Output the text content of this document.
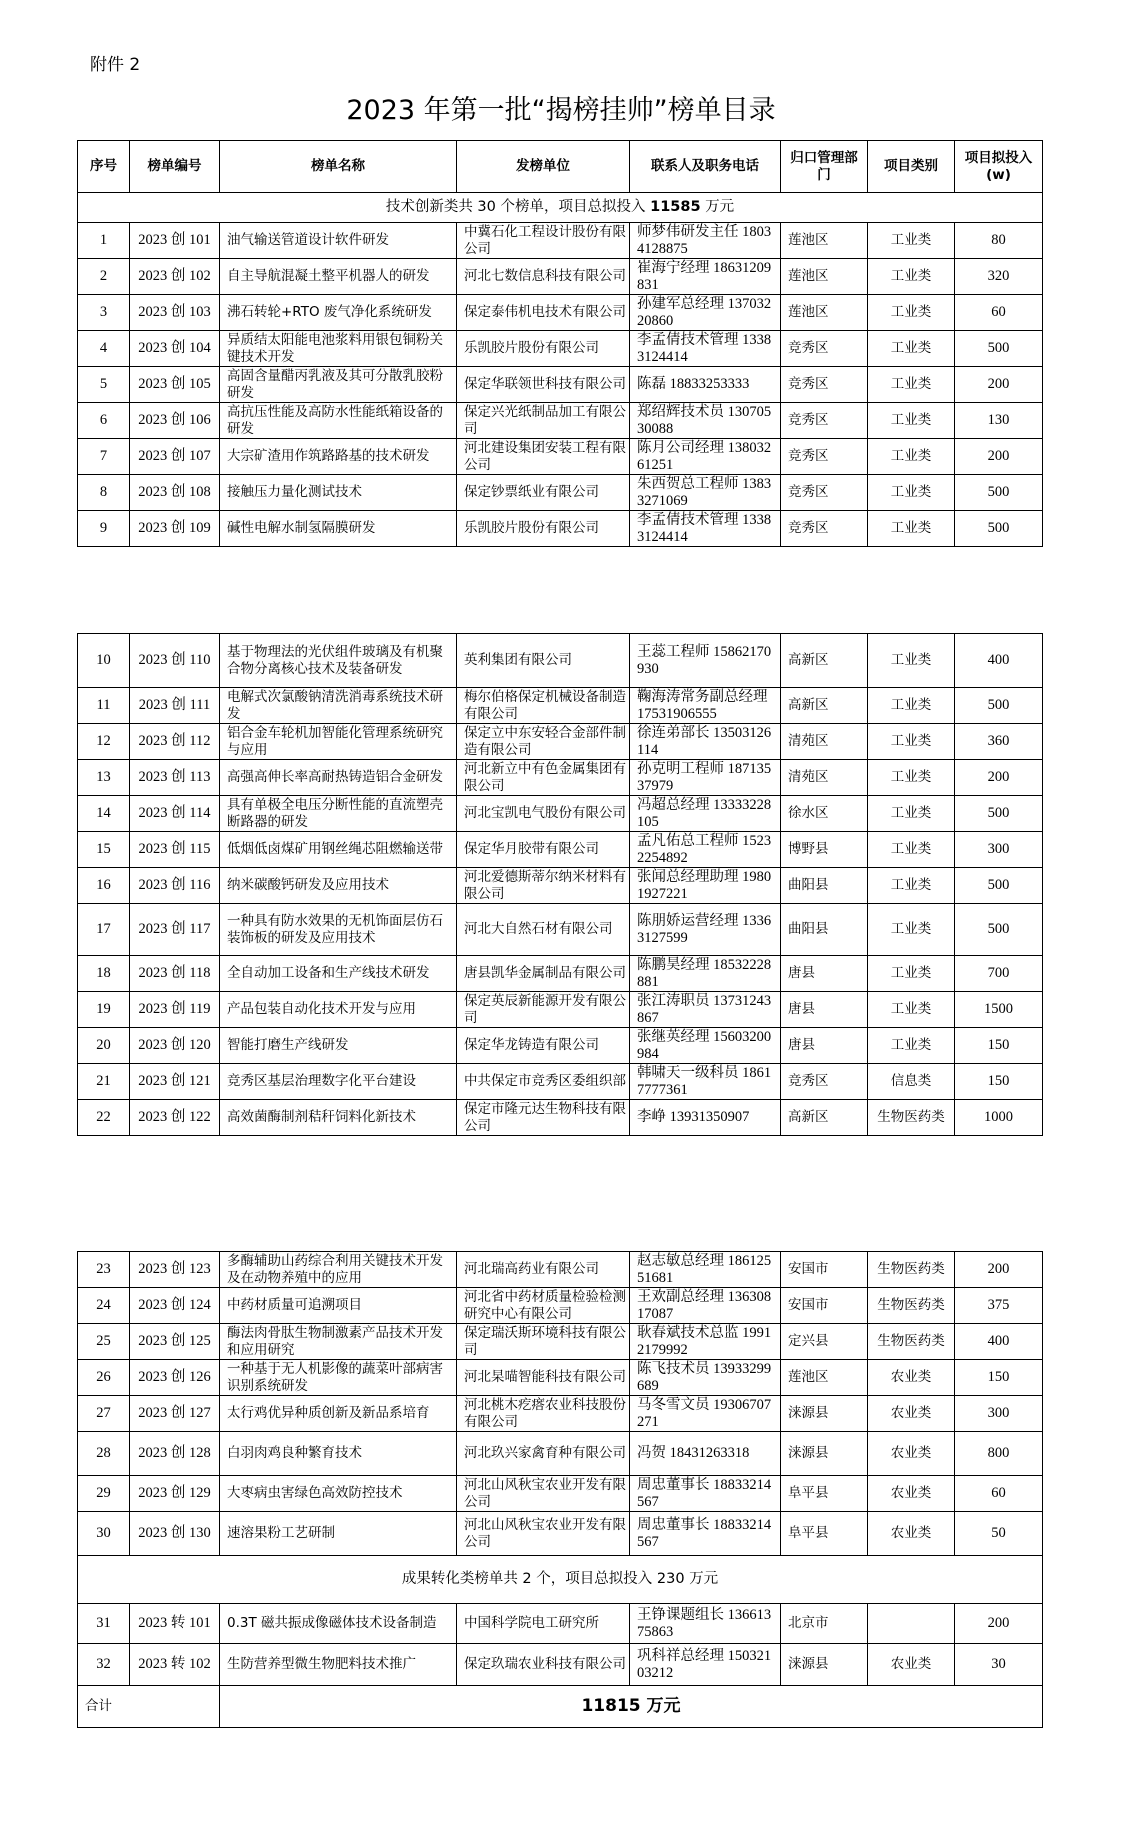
附件 2
2023 年第一批“揭榜挂帅”榜单目录
序号	榜单编号	榜单名称	发榜单位	联系人及职务电话	归口管理部门	项目类别	项目拟投入(w)
技术创新类共 30 个榜单，项目总拟投入 11585 万元							
1	2023 创 101	油气输送管道设计软件研发	中冀石化工程设计股份有限公司	师梦伟研发主任 18034128875	莲池区	工业类	80
2	2023 创 102	自主导航混凝土整平机器人的研发	河北七数信息科技有限公司	崔海宁经理 18631209831	莲池区	工业类	320
3	2023 创 103	沸石转轮+RTO 废气净化系统研发	保定泰伟机电技术有限公司	孙建军总经理 13703220860	莲池区	工业类	60
4	2023 创 104	异质结太阳能电池浆料用银包铜粉关键技术开发	乐凯胶片股份有限公司	李孟倩技术管理 13383124414	竞秀区	工业类	500
5	2023 创 105	高固含量醋丙乳液及其可分散乳胶粉研发	保定华联领世科技有限公司	陈磊 18833253333	竞秀区	工业类	200
6	2023 创 106	高抗压性能及高防水性能纸箱设备的研发	保定兴光纸制品加工有限公司	郑绍辉技术员 13070530088	竞秀区	工业类	130
7	2023 创 107	大宗矿渣用作筑路路基的技术研发	河北建设集团安装工程有限公司	陈月公司经理 13803261251	竞秀区	工业类	200
8	2023 创 108	接触压力量化测试技术	保定钞票纸业有限公司	朱西贺总工程师 13833271069	竞秀区	工业类	500
9	2023 创 109	碱性电解水制氢隔膜研发	乐凯胶片股份有限公司	李孟倩技术管理 13383124414	竞秀区	工业类	500
10	2023 创 110	基于物理法的光伏组件玻璃及有机聚合物分离核心技术及装备研发	英利集团有限公司	王蕊工程师 15862170930	高新区	工业类	400
11	2023 创 111	电解式次氯酸钠清洗消毒系统技术研发	梅尔伯格保定机械设备制造有限公司	鞠海涛常务副总经理 17531906555	高新区	工业类	500
12	2023 创 112	铝合金车轮机加智能化管理系统研究与应用	保定立中东安轻合金部件制造有限公司	徐连弟部长 13503126114	清苑区	工业类	360
13	2023 创 113	高强高伸长率高耐热铸造铝合金研发	河北新立中有色金属集团有限公司	孙克明工程师 18713537979	清苑区	工业类	200
14	2023 创 114	具有单极全电压分断性能的直流塑壳断路器的研发	河北宝凯电气股份有限公司	冯超总经理 13333228105	徐水区	工业类	500
15	2023 创 115	低烟低卤煤矿用钢丝绳芯阻燃输送带	保定华月胶带有限公司	孟凡佑总工程师 15232254892	博野县	工业类	300
16	2023 创 116	纳米碳酸钙研发及应用技术	河北爱德斯蒂尔纳米材料有限公司	张闻总经理助理 19801927221	曲阳县	工业类	500
17	2023 创 117	一种具有防水效果的无机饰面层仿石装饰板的研发及应用技术	河北大自然石材有限公司	陈朋娇运营经理 13363127599	曲阳县	工业类	500
18	2023 创 118	全自动加工设备和生产线技术研发	唐县凯华金属制品有限公司	陈鹏昊经理 18532228881	唐县	工业类	700
19	2023 创 119	产品包装自动化技术开发与应用	保定英辰新能源开发有限公司	张江涛职员 13731243867	唐县	工业类	1500
20	2023 创 120	智能打磨生产线研发	保定华龙铸造有限公司	张继英经理 15603200984	唐县	工业类	150
21	2023 创 121	竞秀区基层治理数字化平台建设	中共保定市竞秀区委组织部	韩啸天一级科员 18617777361	竞秀区	信息类	150
22	2023 创 122	高效菌酶制剂秸秆饲料化新技术	保定市隆元达生物科技有限公司	李峥 13931350907	高新区	生物医药类	1000
23	2023 创 123	多酶辅助山药综合利用关键技术开发及在动物养殖中的应用	河北瑞高药业有限公司	赵志敏总经理 18612551681	安国市	生物医药类	200
24	2023 创 124	中药材质量可追溯项目	河北省中药材质量检验检测研究中心有限公司	王欢副总经理 13630817087	安国市	生物医药类	375
25	2023 创 125	酶法肉骨肽生物制激素产品技术开发和应用研究	保定瑞沃斯环境科技有限公司	耿春斌技术总监 19912179992	定兴县	生物医药类	400
26	2023 创 126	一种基于无人机影像的蔬菜叶部病害识别系统研发	河北杲喵智能科技有限公司	陈飞技术员 13933299689	莲池区	农业类	150
27	2023 创 127	太行鸡优异种质创新及新品系培育	河北桃木疙瘩农业科技股份有限公司	马冬雪文员 19306707271	涞源县	农业类	300
28	2023 创 128	白羽肉鸡良种繁育技术	河北玖兴家禽育种有限公司	冯贺 18431263318	涞源县	农业类	800
29	2023 创 129	大枣病虫害绿色高效防控技术	河北山风秋宝农业开发有限公司	周忠董事长 18833214567	阜平县	农业类	60
30	2023 创 130	速溶果粉工艺研制	河北山风秋宝农业开发有限公司	周忠董事长 18833214567	阜平县	农业类	50
成果转化类榜单共 2 个，项目总拟投入 230 万元							
31	2023 转 101	0.3T 磁共振成像磁体技术设备制造	中国科学院电工研究所	王铮课题组长 13661375863	北京市		200
32	2023 转 102	生防营养型微生物肥料技术推广	保定玖瑞农业科技有限公司	巩科祥总经理 15032103212	涞源县	农业类	30
合计		11815 万元					
